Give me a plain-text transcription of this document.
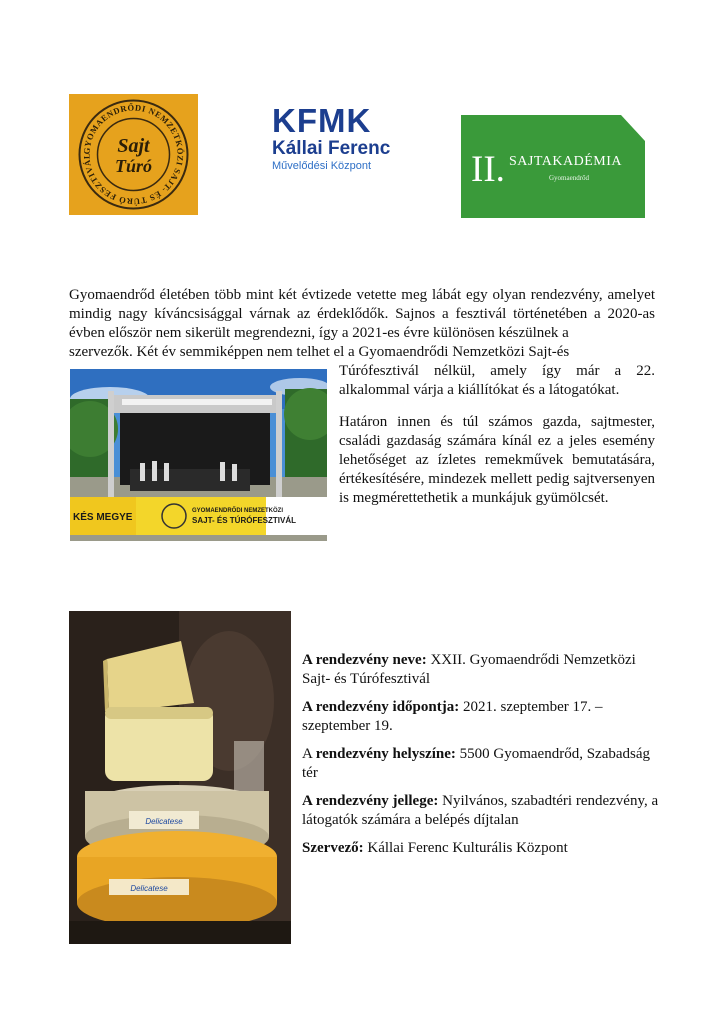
GYOMAENDRŐDI NEMZETKÖZI SAJT- ÉS TÚRÓ FESZTIVÁL	Sajt
Túró
KFMK
Kállai Ferenc
Művelődési Központ	II. SAJTAKADÉMIA
Gyomaendrőd

Gyomaendrőd életében több mint két évtizede vetette meg lábát egy olyan rendezvény, amelyet mindig nagy kíváncsisággal várnak az érdeklődők. Sajnos a fesztivál történetében a 2020-as évben először nem sikerült megrendezni, így a 2021-es évre különösen készülnek a

szervezők. Két év semmiképpen nem telhet el a Gyomaendrődi Nemzetközi Sajt-és

Túrófesztivál nélkül, amely így már a 22. alkalommal várja a kiállítókat és a látogatókat.

Határon innen és túl számos gazda, sajtmester, családi gazdaság számára kínál ez a jeles esemény lehetőséget az ízletes remekművek bemutatására, értékesítésére, mindezek mellett pedig sajtversenyen is megmérettethetik a munkájuk gyümölcsét.

KÉS MEGYE
GYOMAENDRŐDI NEMZETKÖZI
SAJT- ÉS TÚRÓFESZTIVÁL
Delicatese
Delicatese

A rendezvény neve: XXII. Gyomaendrődi Nemzetközi Sajt- és Túrófesztivál

A rendezvény időpontja: 2021. szeptember 17. – szeptember 19.

A rendezvény helyszíne: 5500 Gyomaendrőd, Szabadság tér

A rendezvény jellege: Nyilvános, szabadtéri rendezvény, a látogatók számára a belépés díjtalan

Szervező: Kállai Ferenc Kulturális Központ
